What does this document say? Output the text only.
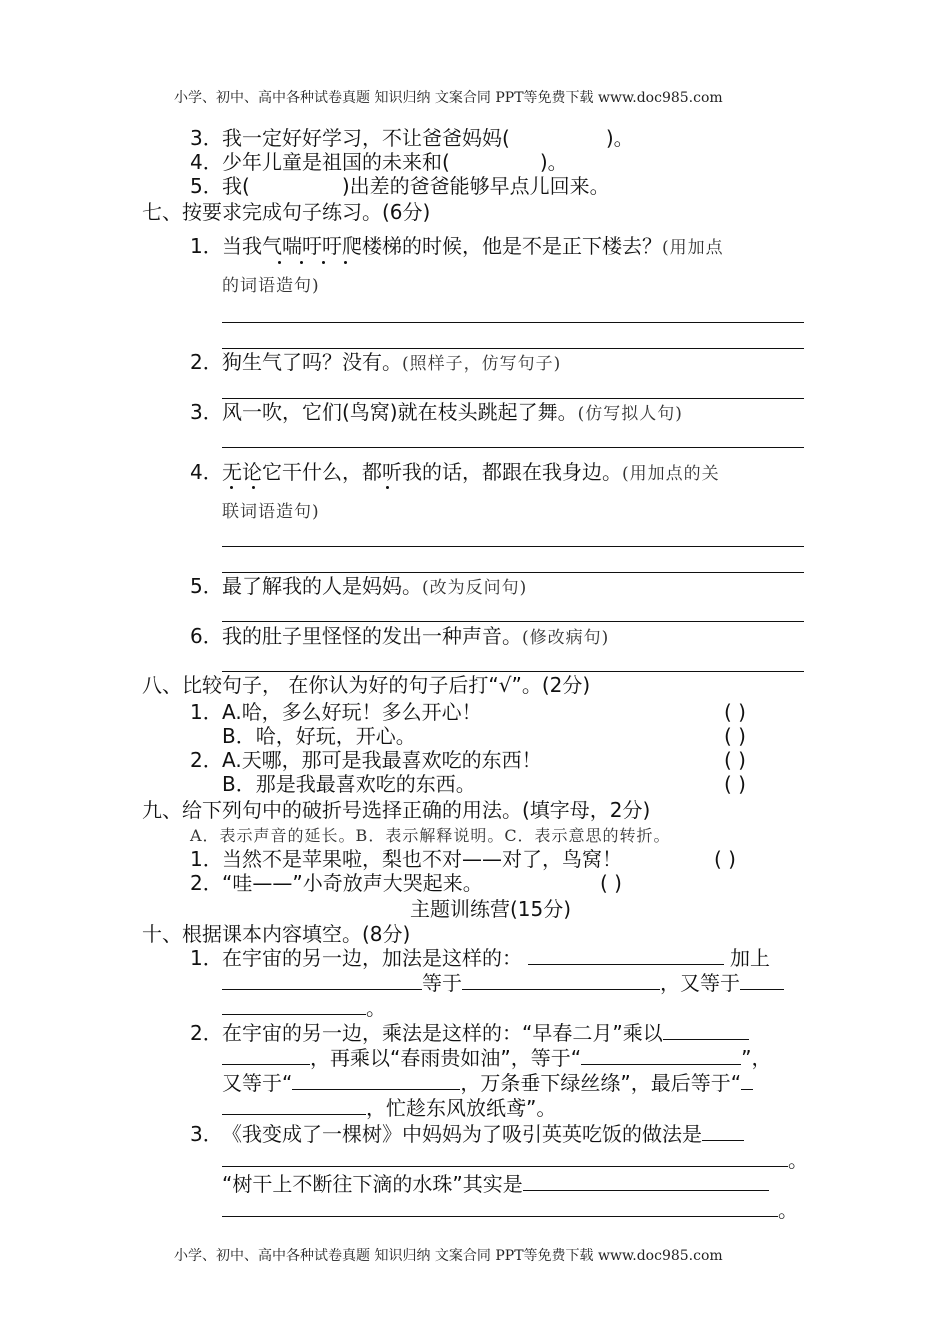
小学、初中、高中各种试卷真题 知识归纳 文案合同 PPT等免费下载 www.doc985.com
3． 我一定好好学习，不让爸爸妈妈(	)。
4． 少年儿童是祖国的未来和(	)。
5． 我(	)出差的爸爸能够早点儿回来。
七、按要求完成句子练习。(6分)
1． 当我气喘吁吁爬楼梯的时候，他是不是正下楼去？(用加点
的词语造句)
2． 狗生气了吗？没有。(照样子，仿写句子)
3． 风一吹，它们(鸟窝)就在枝头跳起了舞。(仿写拟人句)
4． 无论它干什么，都听我的话，都跟在我身边。(用加点的关
联词语造句)
5． 最了解我的人是妈妈。(改为反问句)
6． 我的肚子里怪怪的发出一种声音。(修改病句)
八、比较句子， 在你认为好的句子后打“√”。(2分)
1． A.哈，多么好玩！多么开心！	( )
B．哈，好玩，开心。	( )
2． A.天哪，那可是我最喜欢吃的东西！	( )
B．那是我最喜欢吃的东西。	( )
九、给下列句中的破折号选择正确的用法。(填字母，2分)
A．表示声音的延长。B．表示解释说明。C．表示意思的转折。
1． 当然不是苹果啦，梨也不对——对了，鸟窝！	( )
2． “哇——”小奇放声大哭起来。	( )
主题训练营(15分)
十、根据课本内容填空。(8分)
1． 在宇宙的另一边，加法是这样的：	加上
等于	，又等于
。
2． 在宇宙的另一边，乘法是这样的：“早春二月”乘以
，再乘以“春雨贵如油”，等于“	”，
又等于“	，万条垂下绿丝绦”，最后等于“
，忙趁东风放纸鸢”。
3． 《我变成了一棵树》中妈妈为了吸引英英吃饭的做法是
。
“树干上不断往下滴的水珠”其实是
。
小学、初中、高中各种试卷真题 知识归纳 文案合同 PPT等免费下载 www.doc985.com
